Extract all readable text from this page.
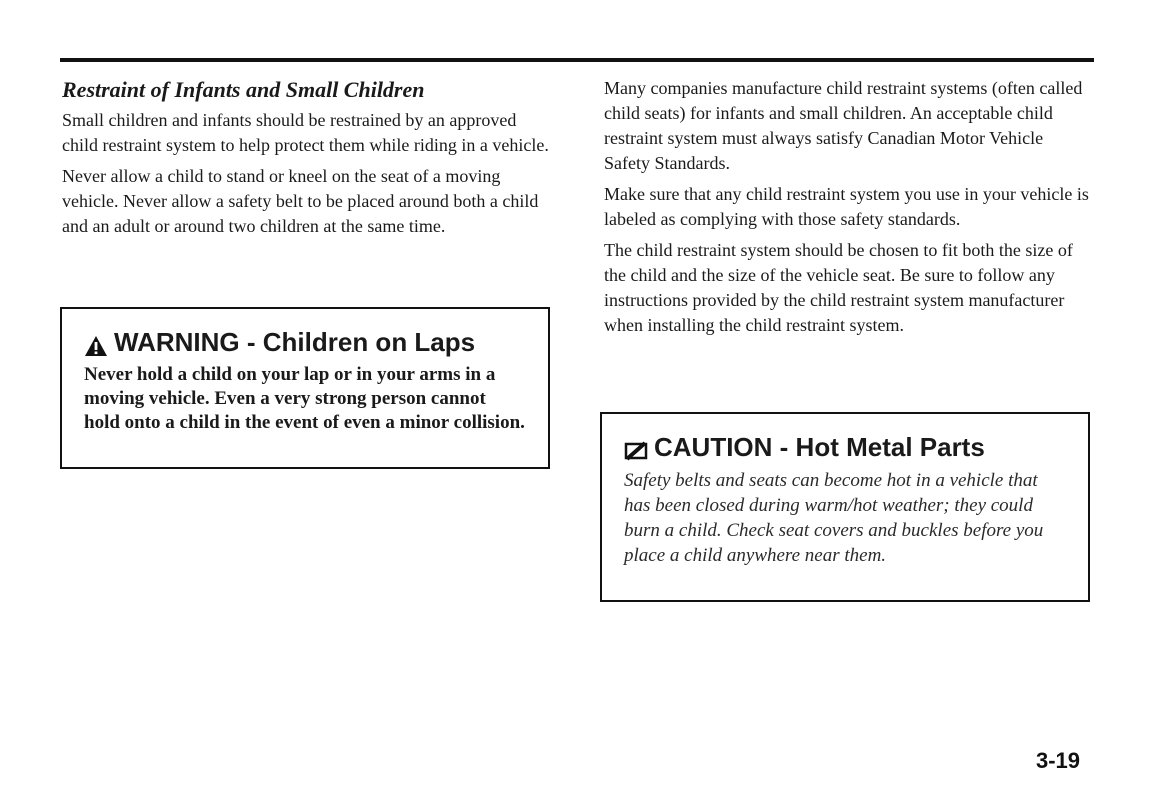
Restraint of Infants and Small Children

Small children and infants should be restrained by an approved child restraint system to help protect them while riding in a vehicle.

Never allow a child to stand or kneel on the seat of a moving vehicle. Never allow a safety belt to be placed around both a child and an adult or around two children at the same time.

WARNING - Children on Laps

Never hold a child on your lap or in your arms in a moving vehicle. Even a very strong person cannot hold onto a child in the event of even a minor collision.

Many companies manufacture child restraint systems (often called child seats) for infants and small children. An acceptable child restraint system must always satisfy Canadian Motor Vehicle Safety Standards.

Make sure that any child restraint system you use in your vehicle is labeled as complying with those safety standards.

The child restraint system should be chosen to fit both the size of the child and the size of the vehicle seat. Be sure to follow any instructions provided by the child restraint system manufacturer when installing the child restraint system.

CAUTION - Hot Metal Parts

Safety belts and seats can become hot in a vehicle that has been closed during warm/hot weather; they could burn a child. Check seat covers and buckles before you place a child anywhere near them.

3-19
